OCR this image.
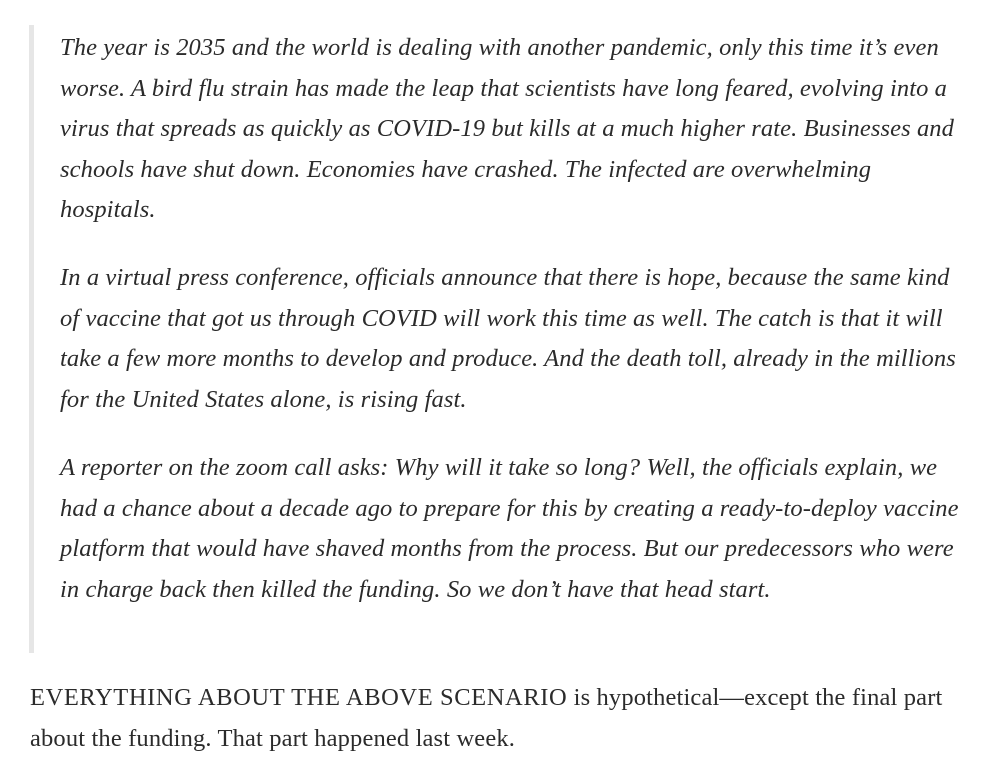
The year is 2035 and the world is dealing with another pandemic, only this time it’s even worse. A bird flu strain has made the leap that scientists have long feared, evolving into a virus that spreads as quickly as COVID-19 but kills at a much higher rate. Businesses and schools have shut down. Economies have crashed. The infected are overwhelming hospitals.

In a virtual press conference, officials announce that there is hope, because the same kind of vaccine that got us through COVID will work this time as well. The catch is that it will take a few more months to develop and produce. And the death toll, already in the millions for the United States alone, is rising fast.

A reporter on the zoom call asks: Why will it take so long? Well, the officials explain, we had a chance about a decade ago to prepare for this by creating a ready-to-deploy vaccine platform that would have shaved months from the process. But our predecessors who were in charge back then killed the funding. So we don’t have that head start.

EVERYTHING ABOUT THE ABOVE SCENARIO is hypothetical—except the final part about the funding. That part happened last week.
